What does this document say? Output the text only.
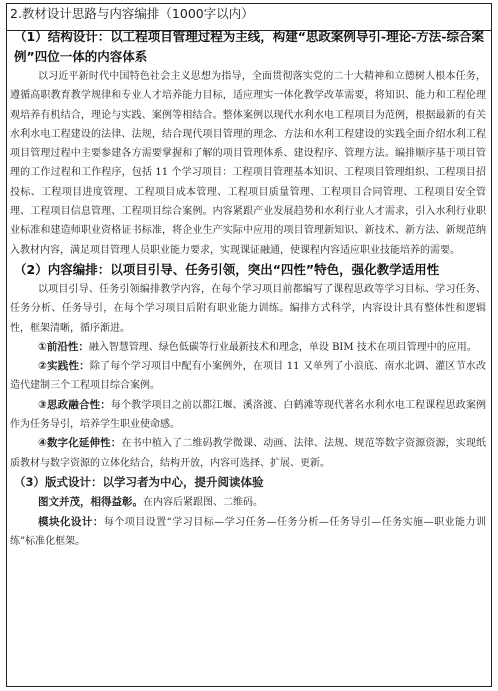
2.教材设计思路与内容编排（1000字以内）

（1）结构设计：以工程项目管理过程为主线，构建“思政案例导引-理论-方法-综合案例”四位一体的内容体系

以习近平新时代中国特色社会主义思想为指导，全面贯彻落实党的二十大精神和立德树人根本任务，遵循高职教育教学规律和专业人才培养能力目标，适应理实一体化教学改革需要，将知识、能力和工程伦理观培养有机结合，理论与实践、案例等相结合。整体案例以现代水利水电工程项目为范例，根据最新的有关水利水电工程建设的法律、法规，结合现代项目管理的理念、方法和水利工程建设的实践全面介绍水利工程项目管理过程中主要参建各方需要掌握和了解的项目管理体系、建设程序、管理方法。编排顺序基于项目管理的工作过程和工作程序，包括 11 个学习项目：工程项目管理基本知识、工程项目管理组织、工程项目招投标、工程项目进度管理、工程项目成本管理、工程项目质量管理、工程项目合同管理、工程项目安全管理、工程项目信息管理、工程项目综合案例。内容紧跟产业发展趋势和水利行业人才需求，引入水利行业职业标准和建造师职业资格证书标准，将企业生产实际中应用的项目管理新知识、新技术、新方法、新规范纳入教材内容，满足项目管理人员职业能力要求，实现课证融通，使课程内容适应职业技能培养的需要。

（2）内容编排：以项目引导、任务引领，突出“四性”特色，强化教学适用性

以项目引导、任务引领编排教学内容，在每个学习项目前都编写了课程思政等学习目标、学习任务、任务分析、任务导引，在每个学习项目后附有职业能力训练。编排方式科学，内容设计具有整体性和逻辑性，框架清晰，循序渐进。

①前沿性：融入智慧管理、绿色低碳等行业最新技术和理念，单设 BIM 技术在项目管理中的应用。

②实践性：除了每个学习项目中配有小案例外，在项目 11 又单列了小浪底、南水北调、灌区节水改造代建制三个工程项目综合案例。

③思政融合性：每个教学项目之前以都江堰、溪洛渡、白鹤滩等现代著名水利水电工程课程思政案例作为任务导引，培养学生职业使命感。

④数字化延伸性：在书中植入了二维码教学微课、动画、法律、法规、规范等数字资源资源，实现纸质教材与数字资源的立体化结合，结构开放，内容可选择、扩展、更新。

（3）版式设计：以学习者为中心，提升阅读体验

图文并茂，相得益彰。在内容后紧跟图、二维码。

模块化设计：每个项目设置“学习目标—学习任务—任务分析—任务导引—任务实施—职业能力训练”标准化框架。
